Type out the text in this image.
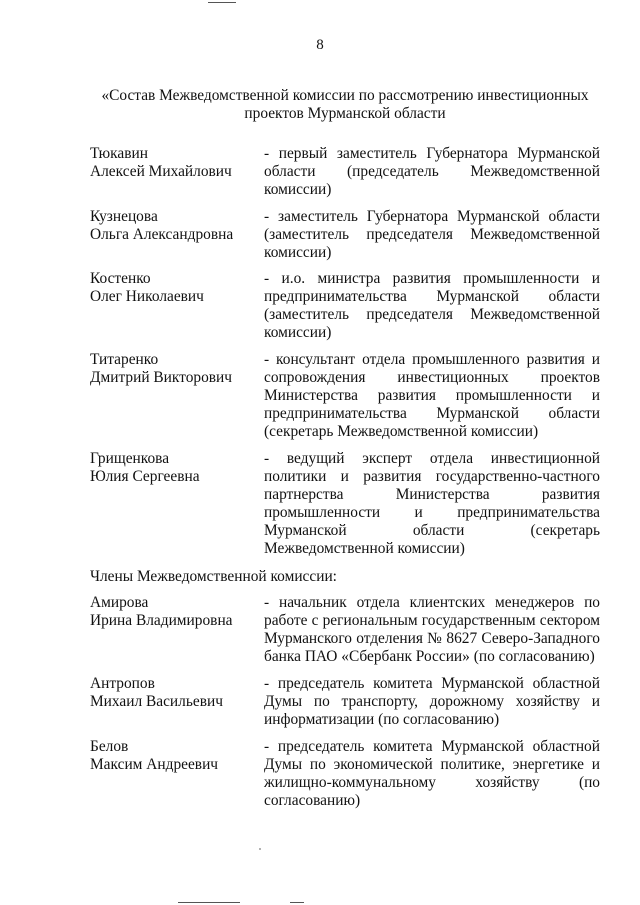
8
«Состав Межведомственной комиссии по рассмотрению инвестиционных
проектов Мурманской области
Тюкавин
Алексей Михайлович
- первый заместитель Губернатора Мурманской
области (председатель Межведомственной
комиссии)
Кузнецова
Ольга Александровна
- заместитель Губернатора Мурманской области
(заместитель председателя Межведомственной
комиссии)
Костенко
Олег Николаевич
- и.о. министра развития промышленности и
предпринимательства Мурманской области
(заместитель председателя Межведомственной
комиссии)
Титаренко
Дмитрий Викторович
- консультант отдела промышленного развития и
сопровождения инвестиционных проектов
Министерства развития промышленности и
предпринимательства Мурманской области
(секретарь Межведомственной комиссии)
Грищенкова
Юлия Сергеевна
- ведущий эксперт отдела инвестиционной
политики и развития государственно-частного
партнерства Министерства развития
промышленности и предпринимательства
Мурманской области (секретарь
Межведомственной комиссии)
Члены Межведомственной комиссии:
Амирова
Ирина Владимировна
- начальник отдела клиентских менеджеров по
работе с региональным государственным сектором
Мурманского отделения № 8627 Северо-Западного
банка ПАО «Сбербанк России» (по согласованию)
Антропов
Михаил Васильевич
- председатель комитета Мурманской областной
Думы по транспорту, дорожному хозяйству и
информатизации (по согласованию)
Белов
Максим Андреевич
- председатель комитета Мурманской областной
Думы по экономической политике, энергетике и
жилищно-коммунальному хозяйству (по
согласованию)
